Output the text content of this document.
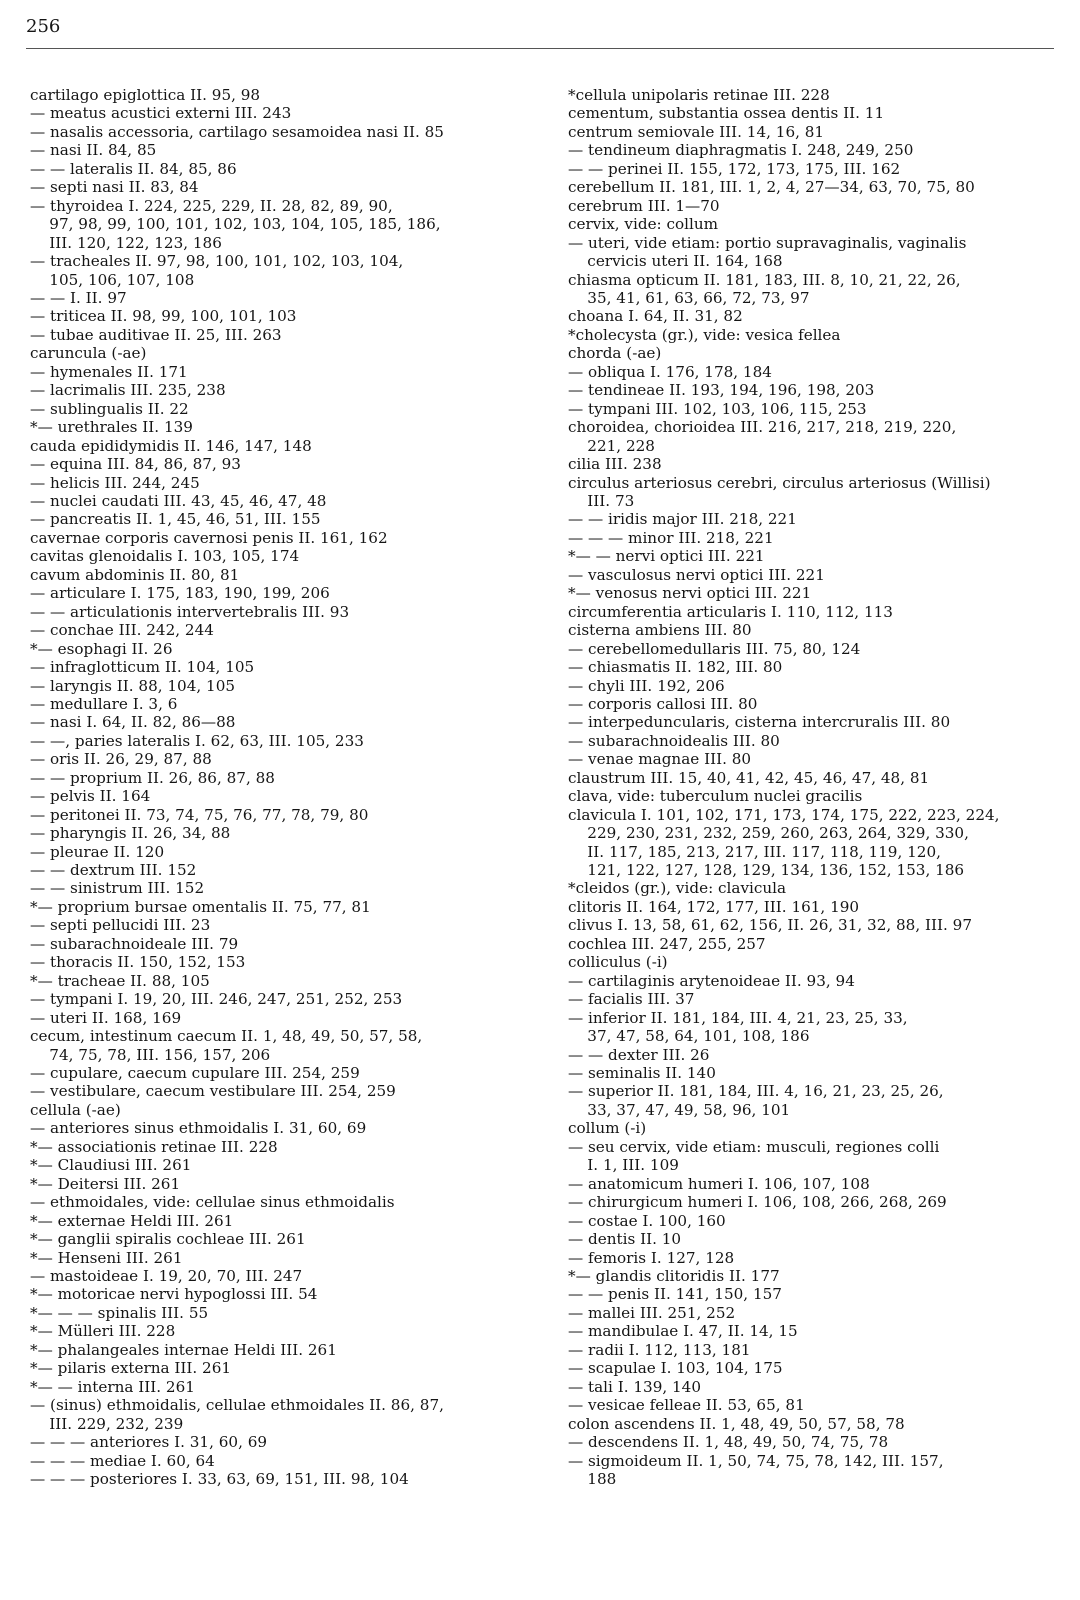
256
cartilago epiglottica II. 95, 98
— meatus acustici externi III. 243
— nasalis accessoria, cartilago sesamoidea nasi II. 85
— nasi II. 84, 85
— — lateralis II. 84, 85, 86
— septi nasi II. 83, 84
— thyroidea I. 224, 225, 229, II. 28, 82, 89, 90,
97, 98, 99, 100, 101, 102, 103, 104, 105, 185, 186,
III. 120, 122, 123, 186
— tracheales II. 97, 98, 100, 101, 102, 103, 104,
105, 106, 107, 108
— — I. II. 97
— triticea II. 98, 99, 100, 101, 103
— tubae auditivae II. 25, III. 263
caruncula (-ae)
— hymenales II. 171
— lacrimalis III. 235, 238
— sublingualis II. 22
*— urethrales II. 139
cauda epididymidis II. 146, 147, 148
— equina III. 84, 86, 87, 93
— helicis III. 244, 245
— nuclei caudati III. 43, 45, 46, 47, 48
— pancreatis II. 1, 45, 46, 51, III. 155
cavernae corporis cavernosi penis II. 161, 162
cavitas glenoidalis I. 103, 105, 174
cavum abdominis II. 80, 81
— articulare I. 175, 183, 190, 199, 206
— — articulationis intervertebralis III. 93
— conchae III. 242, 244
*— esophagi II. 26
— infraglotticum II. 104, 105
— laryngis II. 88, 104, 105
— medullare I. 3, 6
— nasi I. 64, II. 82, 86—88
— —, paries lateralis I. 62, 63, III. 105, 233
— oris II. 26, 29, 87, 88
— — proprium II. 26, 86, 87, 88
— pelvis II. 164
— peritonei II. 73, 74, 75, 76, 77, 78, 79, 80
— pharyngis II. 26, 34, 88
— pleurae II. 120
— — dextrum III. 152
— — sinistrum III. 152
*— proprium bursae omentalis II. 75, 77, 81
— septi pellucidi III. 23
— subarachnoideale III. 79
— thoracis II. 150, 152, 153
*— tracheae II. 88, 105
— tympani I. 19, 20, III. 246, 247, 251, 252, 253
— uteri II. 168, 169
cecum, intestinum caecum II. 1, 48, 49, 50, 57, 58,
74, 75, 78, III. 156, 157, 206
— cupulare, caecum cupulare III. 254, 259
— vestibulare, caecum vestibulare III. 254, 259
cellula (-ae)
— anteriores sinus ethmoidalis I. 31, 60, 69
*— associationis retinae III. 228
*— Claudiusi III. 261
*— Deitersi III. 261
— ethmoidales, vide: cellulae sinus ethmoidalis
*— externae Heldi III. 261
*— ganglii spiralis cochleae III. 261
*— Henseni III. 261
— mastoideae I. 19, 20, 70, III. 247
*— motoricae nervi hypoglossi III. 54
*— — — spinalis III. 55
*— Mülleri III. 228
*— phalangeales internae Heldi III. 261
*— pilaris externa III. 261
*— — interna III. 261
— (sinus) ethmoidalis, cellulae ethmoidales II. 86, 87,
III. 229, 232, 239
— — — anteriores I. 31, 60, 69
— — — mediae I. 60, 64
— — — posteriores I. 33, 63, 69, 151, III. 98, 104
*cellula unipolaris retinae III. 228
cementum, substantia ossea dentis II. 11
centrum semiovale III. 14, 16, 81
— tendineum diaphragmatis I. 248, 249, 250
— — perinei II. 155, 172, 173, 175, III. 162
cerebellum II. 181, III. 1, 2, 4, 27—34, 63, 70, 75, 80
cerebrum III. 1—70
cervix, vide: collum
— uteri, vide etiam: portio supravaginalis, vaginalis
cervicis uteri II. 164, 168
chiasma opticum II. 181, 183, III. 8, 10, 21, 22, 26,
35, 41, 61, 63, 66, 72, 73, 97
choana I. 64, II. 31, 82
*cholecysta (gr.), vide: vesica fellea
chorda (-ae)
— obliqua I. 176, 178, 184
— tendineae II. 193, 194, 196, 198, 203
— tympani III. 102, 103, 106, 115, 253
choroidea, chorioidea III. 216, 217, 218, 219, 220,
221, 228
cilia III. 238
circulus arteriosus cerebri, circulus arteriosus (Willisi)
III. 73
— — iridis major III. 218, 221
— — — minor III. 218, 221
*— — nervi optici III. 221
— vasculosus nervi optici III. 221
*— venosus nervi optici III. 221
circumferentia articularis I. 110, 112, 113
cisterna ambiens III. 80
— cerebellomedullaris III. 75, 80, 124
— chiasmatis II. 182, III. 80
— chyli III. 192, 206
— corporis callosi III. 80
— interpeduncularis, cisterna intercruralis III. 80
— subarachnoidealis III. 80
— venae magnae III. 80
claustrum III. 15, 40, 41, 42, 45, 46, 47, 48, 81
clava, vide: tuberculum nuclei gracilis
clavicula I. 101, 102, 171, 173, 174, 175, 222, 223, 224,
229, 230, 231, 232, 259, 260, 263, 264, 329, 330,
II. 117, 185, 213, 217, III. 117, 118, 119, 120,
121, 122, 127, 128, 129, 134, 136, 152, 153, 186
*cleidos (gr.), vide: clavicula
clitoris II. 164, 172, 177, III. 161, 190
clivus I. 13, 58, 61, 62, 156, II. 26, 31, 32, 88, III. 97
cochlea III. 247, 255, 257
colliculus (-i)
— cartilaginis arytenoideae II. 93, 94
— facialis III. 37
— inferior II. 181, 184, III. 4, 21, 23, 25, 33,
37, 47, 58, 64, 101, 108, 186
— — dexter III. 26
— seminalis II. 140
— superior II. 181, 184, III. 4, 16, 21, 23, 25, 26,
33, 37, 47, 49, 58, 96, 101
collum (-i)
— seu cervix, vide etiam: musculi, regiones colli
I. 1, III. 109
— anatomicum humeri I. 106, 107, 108
— chirurgicum humeri I. 106, 108, 266, 268, 269
— costae I. 100, 160
— dentis II. 10
— femoris I. 127, 128
*— glandis clitoridis II. 177
— — penis II. 141, 150, 157
— mallei III. 251, 252
— mandibulae I. 47, II. 14, 15
— radii I. 112, 113, 181
— scapulae I. 103, 104, 175
— tali I. 139, 140
— vesicae felleae II. 53, 65, 81
colon ascendens II. 1, 48, 49, 50, 57, 58, 78
— descendens II. 1, 48, 49, 50, 74, 75, 78
— sigmoideum II. 1, 50, 74, 75, 78, 142, III. 157,
188
